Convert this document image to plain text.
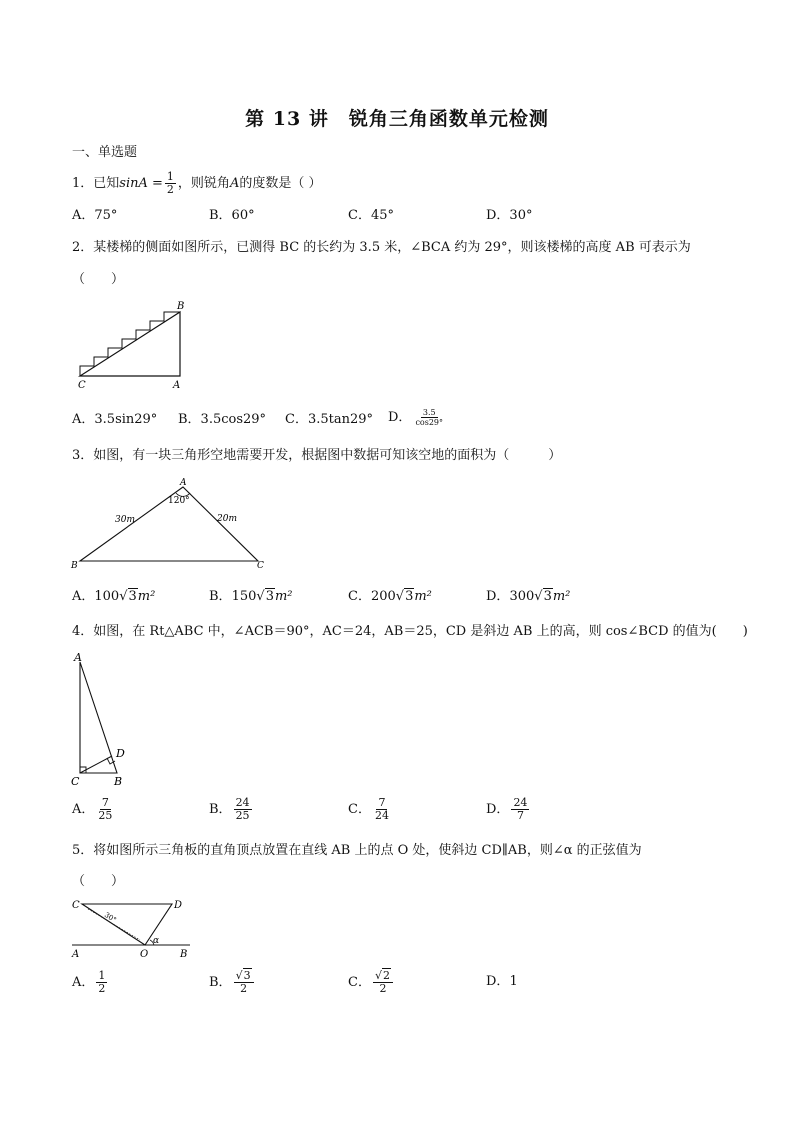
第 13 讲　锐角三角函数单元检测
一、单选题
1．已知$\sin A = \frac{1}{2}$ ，则锐角A的度数是（ ）
A．75°	B．60°	C．45°	D．30°
2．某楼梯的侧面如图所示，已测得 BC 的长约为 3.5 米，∠BCA 约为 29°，则该楼梯的高度 AB 可表示为
（　　）
B
C	A
A．3.5sin29° B．3.5cos29° C．3.5tan29° D． $\frac{3.5}{\cos 29^\circ}$
3．如图，有一块三角形空地需要开发，根据图中数据可知该空地的面积为（　　　）
A
B	C
120°
30m	20m
A．100√3m²	B．150√3m²	C．200√3m²	D．300√3m²
4．如图，在 Rt△ABC 中，∠ACB＝90°，AC＝24，AB＝25，CD 是斜边 AB 上的高，则 cos∠BCD 的值为(　　)
A
C	B
D
A． $\frac{7}{25}$	B． $\frac{24}{25}$	C． $\frac{7}{24}$	D． $\frac{24}{7}$
5．将如图所示三角板的直角顶点放置在直线 AB 上的点 O 处，使斜边 CD∥AB，则∠α 的正弦值为
（　　）
C	D
A	O	B
α
30°
A． $\frac{1}{2}$	B． $\frac{√3}{2}$	C． $\frac{√2}{2}$	D．1
